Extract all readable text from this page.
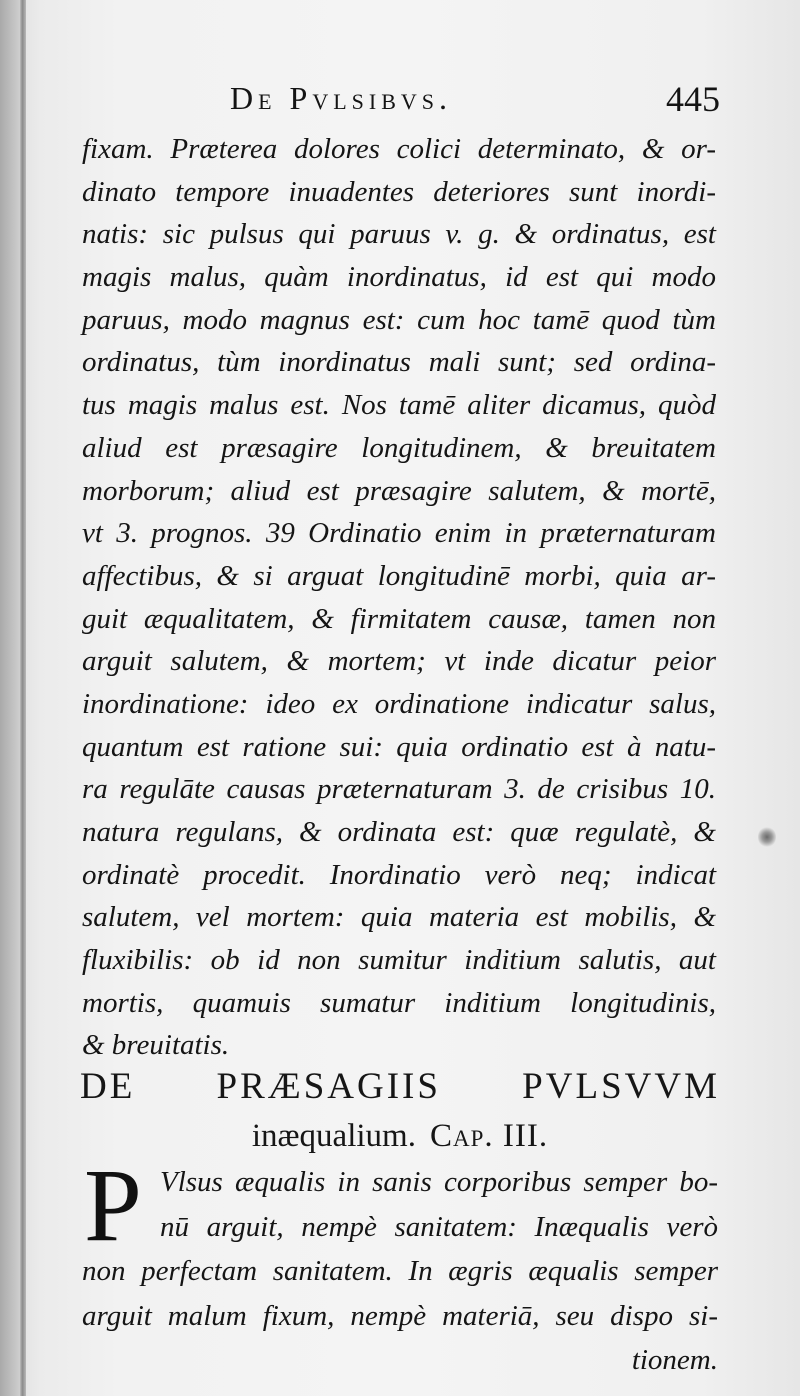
De Pvlsibvs.	445
fixam. Præterea dolores colici determinato, & or-
dinato tempore inuadentes deteriores sunt inordi-
natis: sic pulsus qui paruus v. g. & ordinatus, est
magis malus, quàm inordinatus, id est qui modo
paruus, modo magnus est: cum hoc tamē quod tùm
ordinatus, tùm inordinatus mali sunt; sed ordina-
tus magis malus est. Nos tamē aliter dicamus, quòd
aliud est præsagire longitudinem, & breuitatem
morborum; aliud est præsagire salutem, & mortē,
vt 3. prognos. 39 Ordinatio enim in præternaturam
affectibus, & si arguat longitudinē morbi, quia ar-
guit æqualitatem, & firmitatem causæ, tamen non
arguit salutem, & mortem; vt inde dicatur peior
inordinatione: ideo ex ordinatione indicatur salus,
quantum est ratione sui: quia ordinatio est à natu-
ra regulāte causas præternaturam 3. de crisibus 10.
natura regulans, & ordinata est: quæ regulatè, &
ordinatè procedit. Inordinatio verò neq; indicat
salutem, vel mortem: quia materia est mobilis, &
fluxibilis: ob id non sumitur inditium salutis, aut
mortis, quamuis sumatur inditium longitudinis,
& breuitatis.
DE PRÆSAGIIS PVLSVVM
inæqualium. Cap. III.
P Vlsus æqualis in sanis corporibus semper bo-
nū arguit, nempè sanitatem: Inæqualis verò
non perfectam sanitatem. In ægris æqualis semper
arguit malum fixum, nempè materiā, seu dispo si-
tionem.
